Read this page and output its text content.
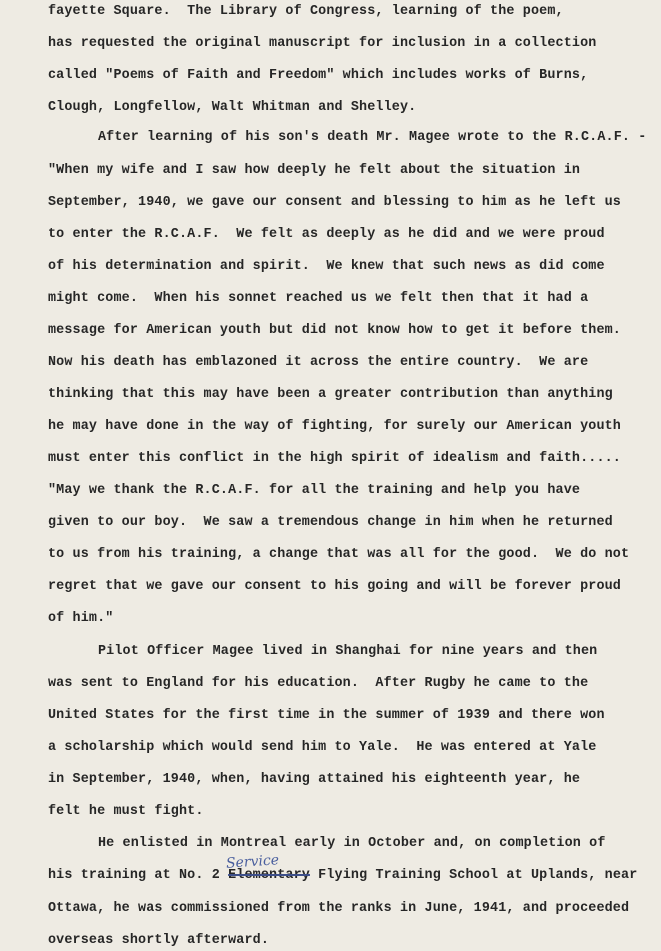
fayette Square.  The Library of Congress, learning of the poem,
has requested the original manuscript for inclusion in a collection
called "Poems of Faith and Freedom" which includes works of Burns,
Clough, Longfellow, Walt Whitman and Shelley.
After learning of his son's death Mr. Magee wrote to the R.C.A.F. -
"When my wife and I saw how deeply he felt about the situation in
September, 1940, we gave our consent and blessing to him as he left us
to enter the R.C.A.F.  We felt as deeply as he did and we were proud
of his determination and spirit.  We knew that such news as did come
might come.  When his sonnet reached us we felt then that it had a
message for American youth but did not know how to get it before them.
Now his death has emblazoned it across the entire country.  We are
thinking that this may have been a greater contribution than anything
he may have done in the way of fighting, for surely our American youth
must enter this conflict in the high spirit of idealism and faith.....
"May we thank the R.C.A.F. for all the training and help you have
given to our boy.  We saw a tremendous change in him when he returned
to us from his training, a change that was all for the good.  We do not
regret that we gave our consent to his going and will be forever proud
of him."
Pilot Officer Magee lived in Shanghai for nine years and then
was sent to England for his education.  After Rugby he came to the
United States for the first time in the summer of 1939 and there won
a scholarship which would send him to Yale.  He was entered at Yale
in September, 1940, when, having attained his eighteenth year, he
felt he must fight.
He enlisted in Montreal early in October and, on completion of
Service
his training at No. 2 Elementary Flying Training School at Uplands, near
Ottawa, he was commissioned from the ranks in June, 1941, and proceeded
overseas shortly afterward.
